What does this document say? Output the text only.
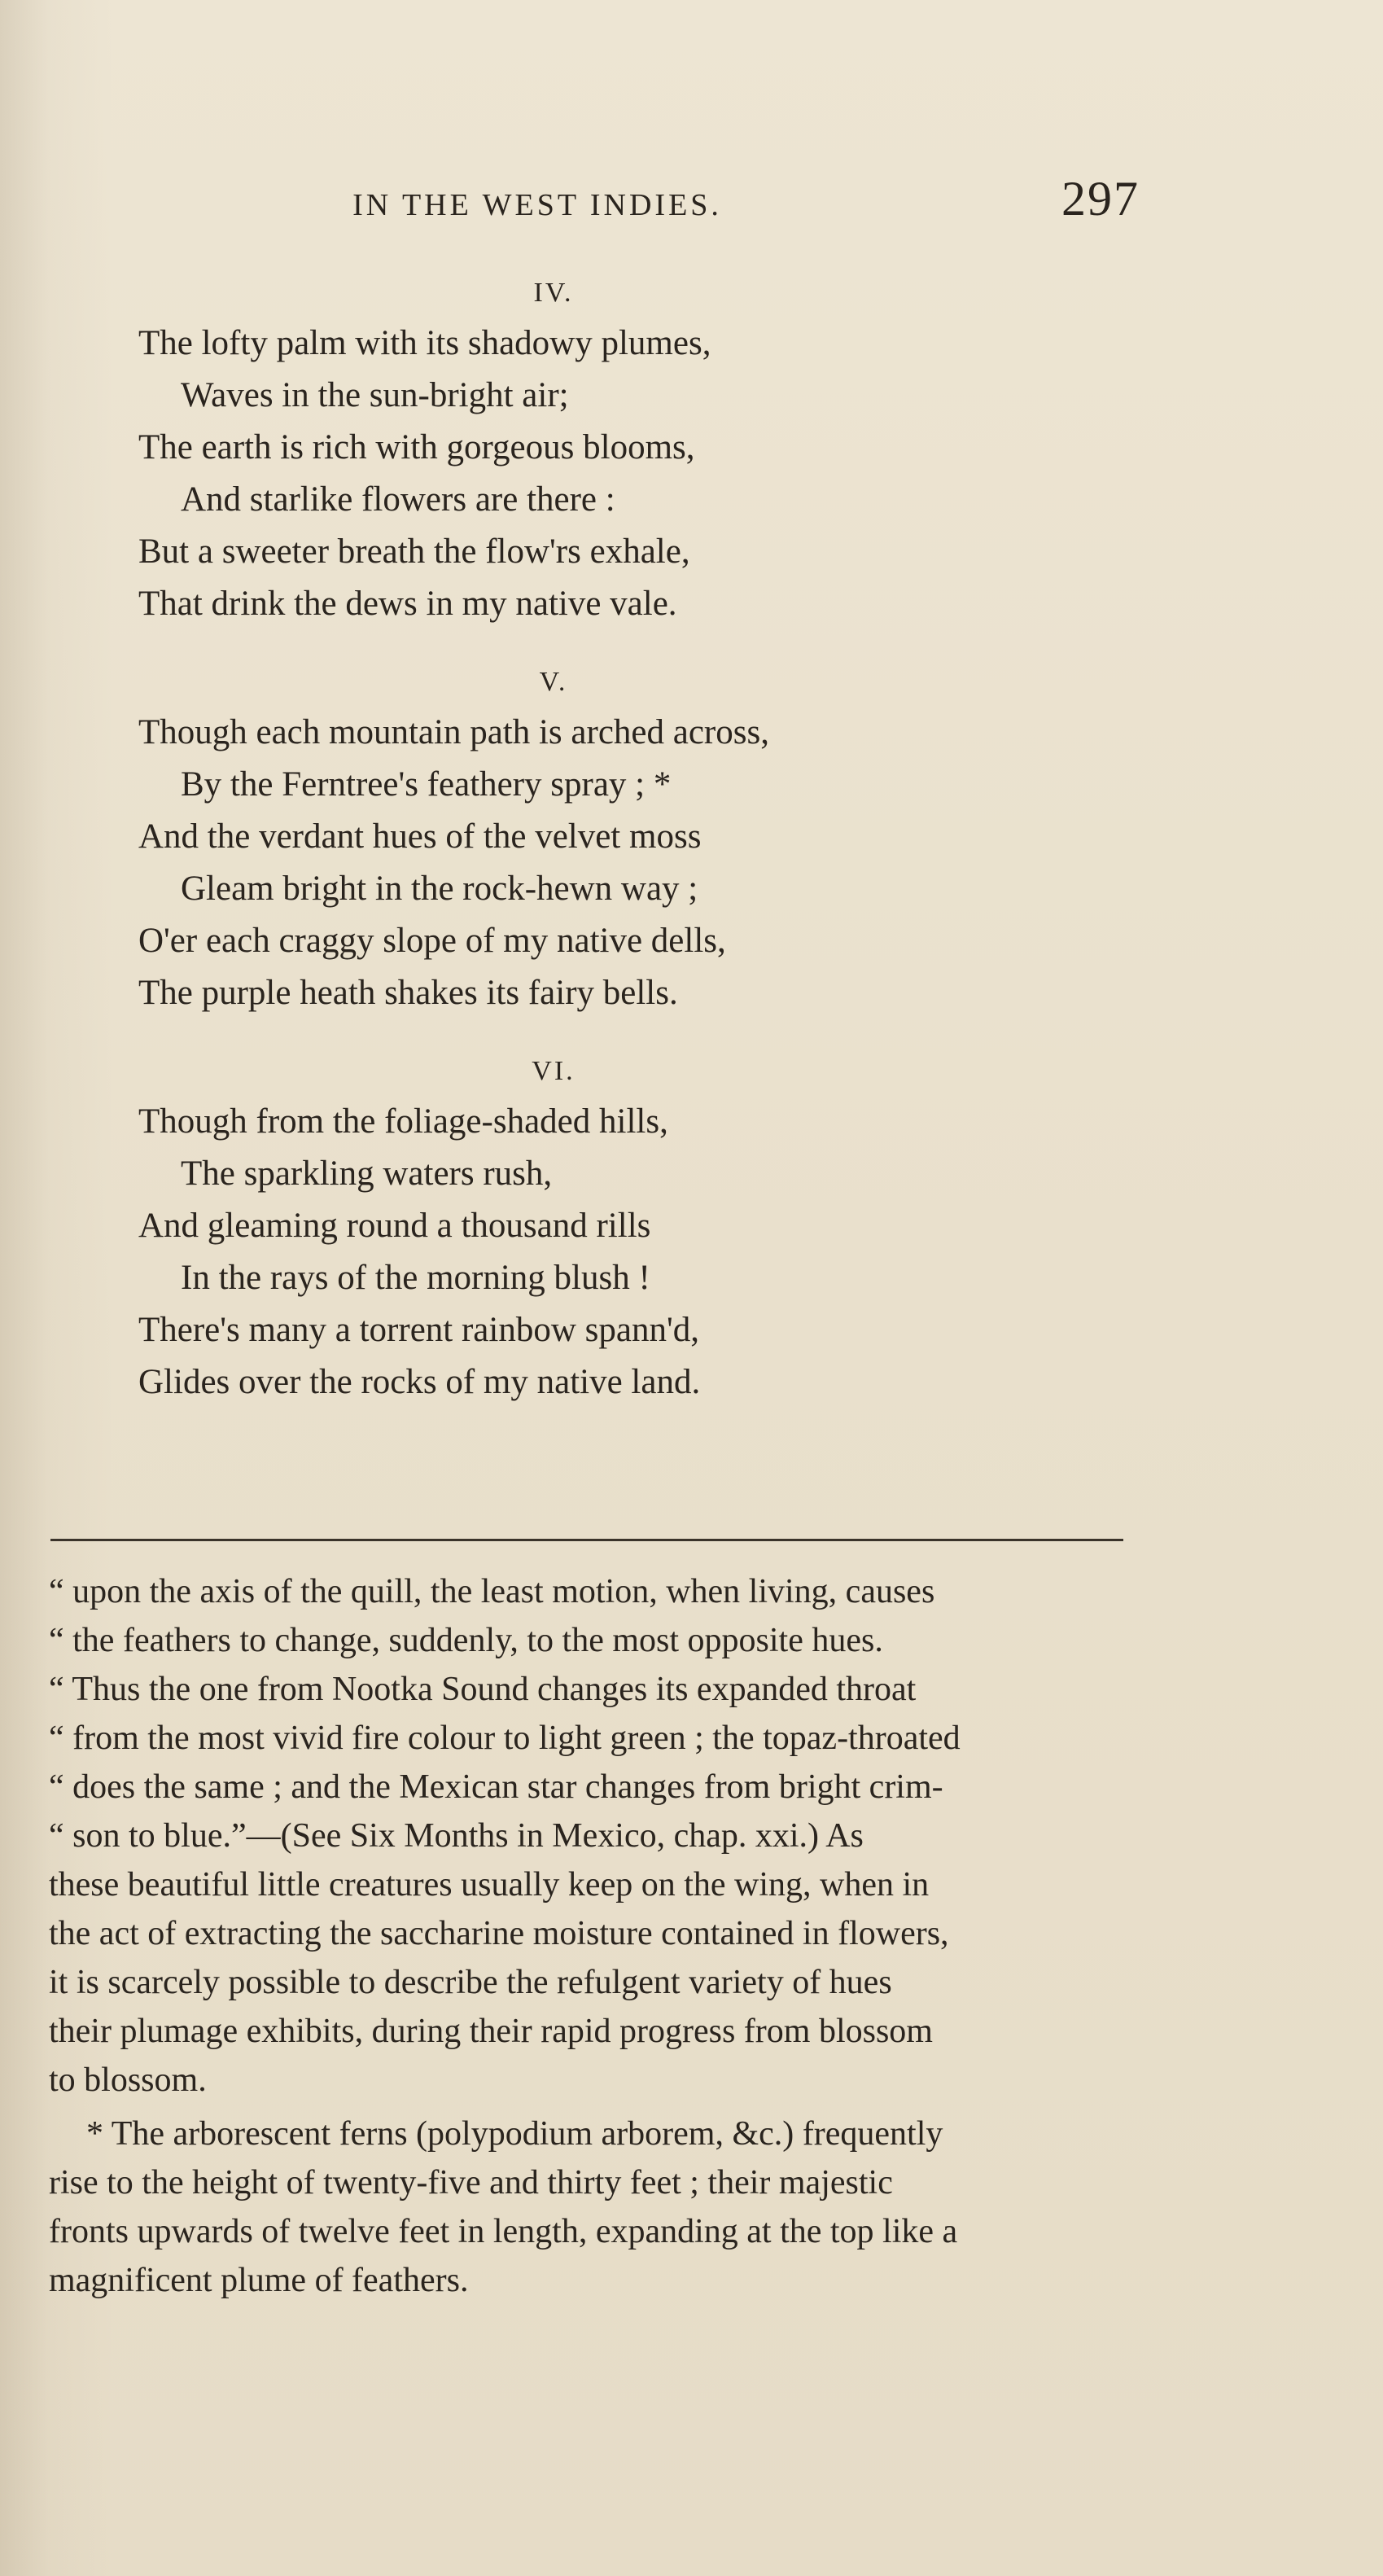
IN THE WEST INDIES.	297
IV.
The lofty palm with its shadowy plumes,
Waves in the sun-bright air;
The earth is rich with gorgeous blooms,
And starlike flowers are there :
But a sweeter breath the flow'rs exhale,
That drink the dews in my native vale.
V.
Though each mountain path is arched across,
By the Ferntree's feathery spray ; *
And the verdant hues of the velvet moss
Gleam bright in the rock-hewn way ;
O'er each craggy slope of my native dells,
The purple heath shakes its fairy bells.
VI.
Though from the foliage-shaded hills,
The sparkling waters rush,
And gleaming round a thousand rills
In the rays of the morning blush !
There's many a torrent rainbow spann'd,
Glides over the rocks of my native land.
“ upon the axis of the quill, the least motion, when living, causes
“ the feathers to change, suddenly, to the most opposite hues.
“ Thus the one from Nootka Sound changes its expanded throat
“ from the most vivid fire colour to light green ; the topaz-throated
“ does the same ; and the Mexican star changes from bright crim-
“ son to blue.”—(See Six Months in Mexico, chap. xxi.) As
these beautiful little creatures usually keep on the wing, when in
the act of extracting the saccharine moisture contained in flowers,
it is scarcely possible to describe the refulgent variety of hues
their plumage exhibits, during their rapid progress from blossom
to blossom.
* The arborescent ferns (polypodium arborem, &c.) frequently
rise to the height of twenty-five and thirty feet ; their majestic
fronts upwards of twelve feet in length, expanding at the top like a
magnificent plume of feathers.
